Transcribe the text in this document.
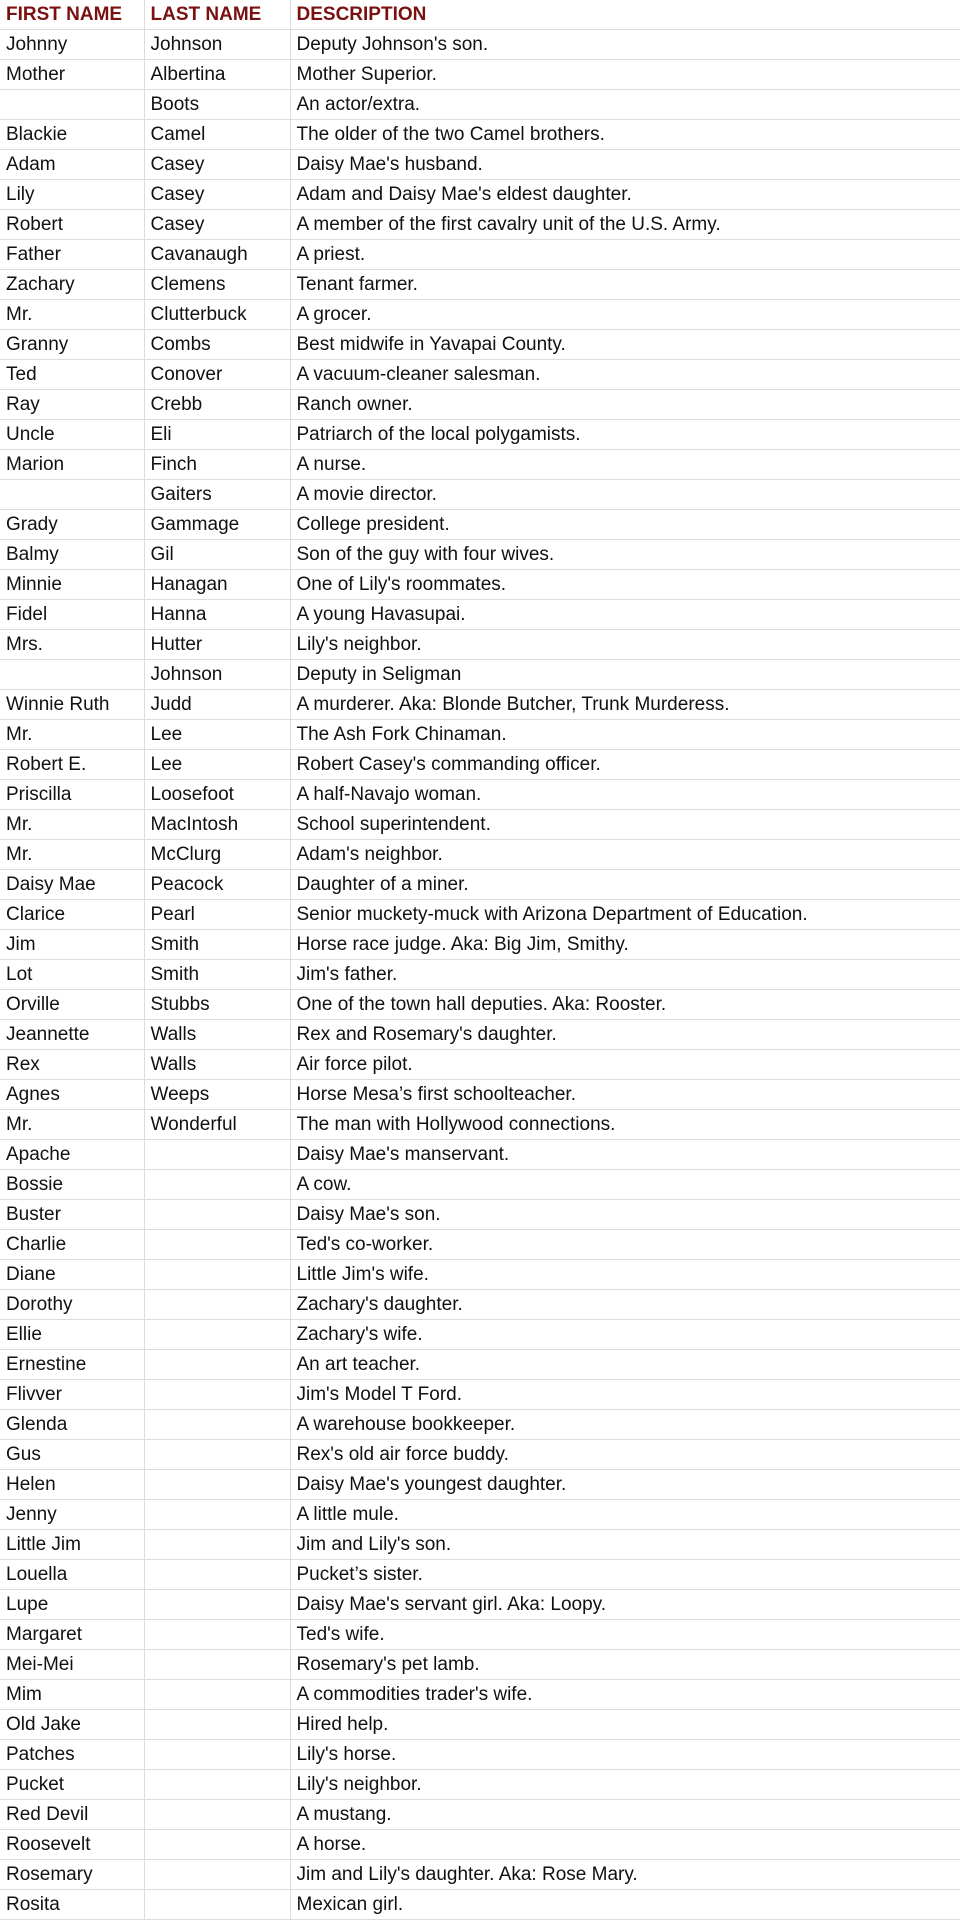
FIRST NAME	LAST NAME	DESCRIPTION
Johnny	Johnson	Deputy Johnson's son.
Mother	Albertina	Mother Superior.
	Boots	An actor/extra.
Blackie	Camel	The older of the two Camel brothers.
Adam	Casey	Daisy Mae's husband.
Lily	Casey	Adam and Daisy Mae's eldest daughter.
Robert	Casey	A member of the first cavalry unit of the U.S. Army.
Father	Cavanaugh	A priest.
Zachary	Clemens	Tenant farmer.
Mr.	Clutterbuck	A grocer.
Granny	Combs	Best midwife in Yavapai County.
Ted	Conover	A vacuum-cleaner salesman.
Ray	Crebb	Ranch owner.
Uncle	Eli	Patriarch of the local polygamists.
Marion	Finch	A nurse.
	Gaiters	A movie director.
Grady	Gammage	College president.
Balmy	Gil	Son of the guy with four wives.
Minnie	Hanagan	One of Lily's roommates.
Fidel	Hanna	A young Havasupai.
Mrs.	Hutter	Lily's neighbor.
	Johnson	Deputy in Seligman
Winnie Ruth	Judd	A murderer. Aka: Blonde Butcher, Trunk Murderess.
Mr.	Lee	The Ash Fork Chinaman.
Robert E.	Lee	Robert Casey's commanding officer.
Priscilla	Loosefoot	A half-Navajo woman.
Mr.	MacIntosh	School superintendent.
Mr.	McClurg	Adam's neighbor.
Daisy Mae	Peacock	Daughter of a miner.
Clarice	Pearl	Senior muckety-muck with Arizona Department of Education.
Jim	Smith	Horse race judge. Aka: Big Jim, Smithy.
Lot	Smith	Jim's father.
Orville	Stubbs	One of the town hall deputies. Aka: Rooster.
Jeannette	Walls	Rex and Rosemary's daughter.
Rex	Walls	Air force pilot.
Agnes	Weeps	Horse Mesa’s first schoolteacher.
Mr.	Wonderful	The man with Hollywood connections.
Apache		Daisy Mae's manservant.
Bossie		A cow.
Buster		Daisy Mae's son.
Charlie		Ted's co-worker.
Diane		Little Jim's wife.
Dorothy		Zachary's daughter.
Ellie		Zachary's wife.
Ernestine		An art teacher.
Flivver		Jim's Model T Ford.
Glenda		A warehouse bookkeeper.
Gus		Rex's old air force buddy.
Helen		Daisy Mae's youngest daughter.
Jenny		A little mule.
Little Jim		Jim and Lily's son.
Louella		Pucket’s sister.
Lupe		Daisy Mae's servant girl. Aka: Loopy.
Margaret		Ted's wife.
Mei-Mei		Rosemary's pet lamb.
Mim		A commodities trader's wife.
Old Jake		Hired help.
Patches		Lily's horse.
Pucket		Lily's neighbor.
Red Devil		A mustang.
Roosevelt		A horse.
Rosemary		Jim and Lily's daughter. Aka: Rose Mary.
Rosita		Mexican girl.
